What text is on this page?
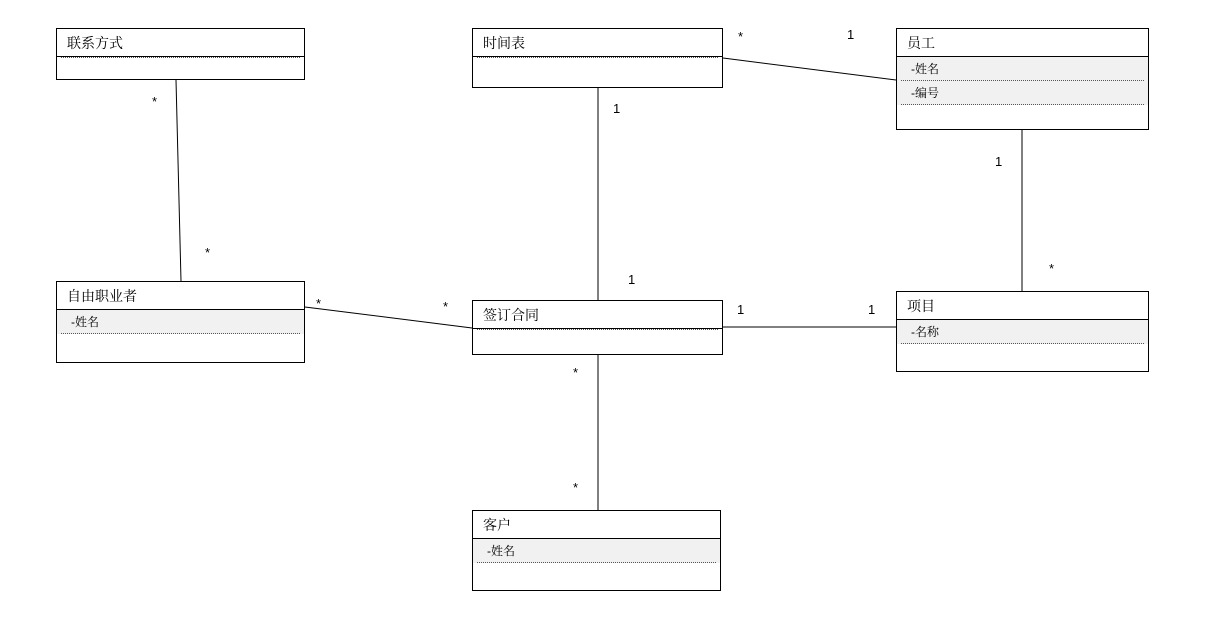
联系方式	时间表	员工
-姓名
-编号
自由职业者
-姓名	签订合同
项目
-名称
客户
-姓名
*	1
1
1
*
*
*	*	1	1
1
*
*
*
